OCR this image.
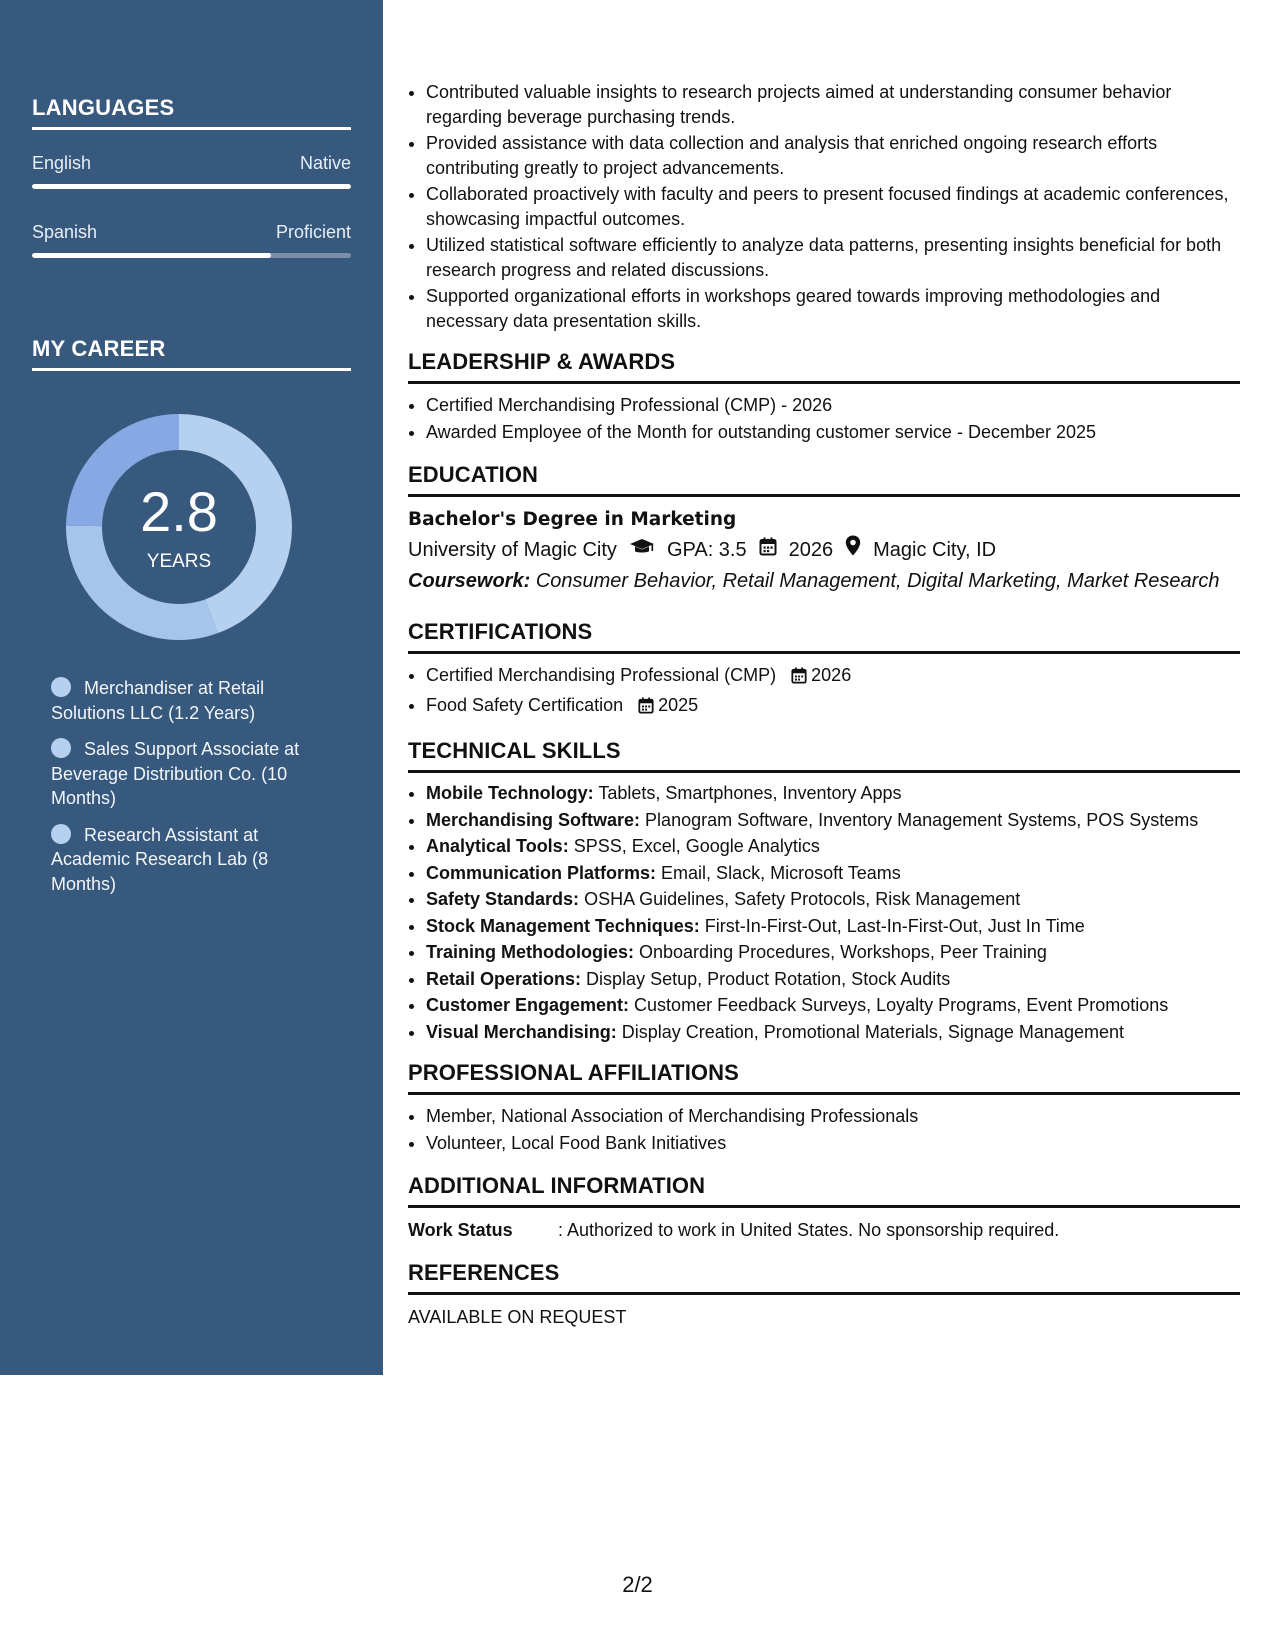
LANGUAGES
English	Native
Spanish	Proficient
MY CAREER
2.8
YEARS
Merchandiser at Retail Solutions LLC (1.2 Years)
Sales Support Associate at Beverage Distribution Co. (10 Months)
Research Assistant at Academic Research Lab (8 Months)
• Contributed valuable insights to research projects aimed at understanding consumer behavior regarding beverage purchasing trends.
• Provided assistance with data collection and analysis that enriched ongoing research efforts contributing greatly to project advancements.
• Collaborated proactively with faculty and peers to present focused findings at academic conferences, showcasing impactful outcomes.
• Utilized statistical software efficiently to analyze data patterns, presenting insights beneficial for both research progress and related discussions.
• Supported organizational efforts in workshops geared towards improving methodologies and necessary data presentation skills.
LEADERSHIP & AWARDS
• Certified Merchandising Professional (CMP) - 2026
• Awarded Employee of the Month for outstanding customer service - December 2025
EDUCATION
Bachelor's Degree in Marketing
University of Magic City	GPA: 3.5 2026 Magic City, ID
Coursework: Consumer Behavior, Retail Management, Digital Marketing, Market Research
CERTIFICATIONS
• Certified Merchandising Professional (CMP) 2026
• Food Safety Certification 2025
TECHNICAL SKILLS
• Mobile Technology: Tablets, Smartphones, Inventory Apps
• Merchandising Software: Planogram Software, Inventory Management Systems, POS Systems
• Analytical Tools: SPSS, Excel, Google Analytics
• Communication Platforms: Email, Slack, Microsoft Teams
• Safety Standards: OSHA Guidelines, Safety Protocols, Risk Management
• Stock Management Techniques: First-In-First-Out, Last-In-First-Out, Just In Time
• Training Methodologies: Onboarding Procedures, Workshops, Peer Training
• Retail Operations: Display Setup, Product Rotation, Stock Audits
• Customer Engagement: Customer Feedback Surveys, Loyalty Programs, Event Promotions
• Visual Merchandising: Display Creation, Promotional Materials, Signage Management
PROFESSIONAL AFFILIATIONS
• Member, National Association of Merchandising Professionals
• Volunteer, Local Food Bank Initiatives
ADDITIONAL INFORMATION
Work Status	: Authorized to work in United States. No sponsorship required.
REFERENCES
AVAILABLE ON REQUEST
2/2
